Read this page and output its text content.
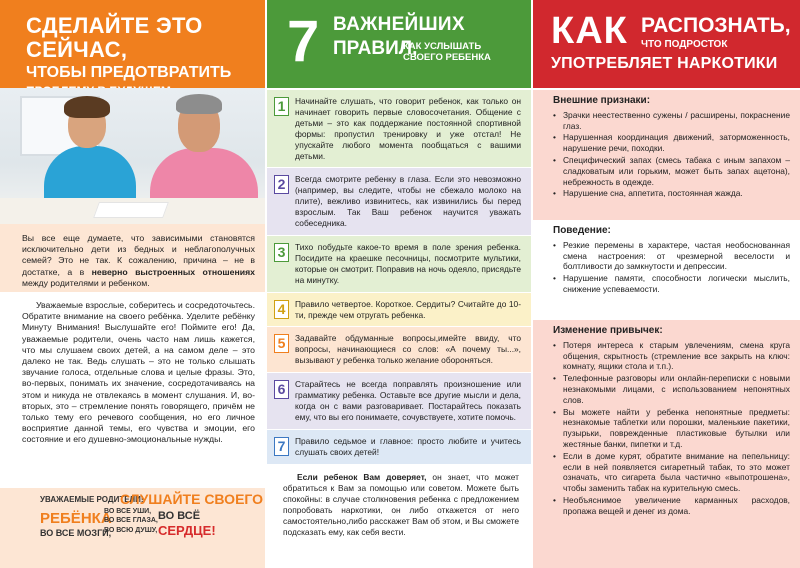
СДЕЛАЙТЕ ЭТО СЕЙЧАС,
ЧТОБЫ ПРЕДОТВРАТИТЬ
Вы все еще думаете, что зависимыми становятся исключительно дети из бедных и неблагополучных семей? Это не так. К сожалению, причина – не в достатке, а в неверно выстроенных отношениях между родителями и ребенком.

Уважаемые взрослые, соберитесь и сосредоточьтесь. Обратите внимание на своего ребёнка. Уделите ребёнку Минуту Внимания! Выслушайте его! Поймите его! Да, уважаемые родители, очень часто нам лишь кажется, что мы слушаем своих детей, а на самом деле – это далеко не так. Ведь слушать – это не только слышать звучание голоса, отдельные слова и целые фразы. Это, во-первых, понимать их значение, сосредотачиваясь на этом и никуда не отвлекаясь в момент слушания. И, во-вторых, это – стремление понять говорящего, причём не только тему его речевого сообщения, но его личное восприятие данной темы, его чувства и эмоции, его состояние и его душевно-эмоциональные нужды.

УВАЖАЕМЫЕ РОДИТЕЛИ!
СЛУШАЙТЕ СВОЕГО
РЕБЁНКА
ВО ВСЕ УШИ,
ВО ВСЕ ГЛАЗА, ВО ВСЁ
ВО ВСЕ МОЗГИ,
ВО ВСЮ ДУШУ, СЕРДЦЕ!
7 ВАЖНЕЙШИХ
ПРАВИЛ,
КАК УСЛЫШАТЬ
СВОЕГО РЕБЕНКА
1	Начинайте слушать, что говорит ребенок, как только он начинает говорить первые словосочетания. Общение с детьми – это как поддержание постоянной спортивной формы: пропустил тренировку и уже отстал! Не упускайте любого момента пообщаться с вашими детьми.
2	Всегда смотрите ребенку в глаза. Если это невозможно (например, вы следите, чтобы не сбежало молоко на плите), вежливо извинитесь, как извинились бы перед взрослым. Так Ваш ребенок научится уважать собеседника.
3	Тихо побудьте какое-то время в поле зрения ребенка. Посидите на краешке песочницы, посмотрите мультики, которые он смотрит. Поправив на ночь одеяло, присядьте на минутку.
4	Правило четвертое. Короткое. Сердиты? Считайте до 10-ти, прежде чем отругать ребенка.
5	Задавайте обдуманные вопросы,имейте ввиду, что вопросы, начинающиеся со слов: «А почему ты...», вызывают у ребенка только желание обороняться.
6	Старайтесь не всегда поправлять произношение или грамматику ребенка. Оставьте все другие мысли и дела, когда он с вами разговаривает. Постарайтесь показать ему, что вы его понимаете, сочувствуете, хотите помочь.
7	Правило седьмое и главное: просто любите и учитесь слушать своих детей!
Если ребенок Вам доверяет, он знает, что может обратиться к Вам за помощью или советом. Можете быть спокойны: в случае столкновения ребенка с предложением попробовать наркотики, он либо откажется от него самостоятельно,либо расскажет Вам об этом, и Вы сможете подсказать ему, как себя вести.
КАК РАСПОЗНАТЬ,
ЧТО ПОДРОСТОК
УПОТРЕБЛЯЕТ НАРКОТИКИ
Внешние признаки:
• Зрачки неестественно сужены / расширены, покраснение глаз.
• Нарушенная координация движений, заторможенность, нарушение речи, походки.
• Специфический запах (смесь табака с иным запахом – сладковатым или горьким, может быть запах ацетона), небрежность в одежде.
• Нарушение сна, аппетита, постоянная жажда.
Поведение:
• Резкие перемены в характере, частая необоснованная смена настроения: от чрезмерной веселости и болтливости до замкнутости и депрессии.
• Нарушение памяти, способности логически мыслить, снижение успеваемости.
Изменение привычек:
• Потеря интереса к старым увлечениям, смена круга общения, скрытность (стремление все закрыть на ключ: комнату, ящики стола и т.п.).
• Телефонные разговоры или онлайн-переписки с новыми незнакомыми лицами, с использованием непонятных слов.
• Вы можете найти у ребенка непонятные предметы: незнакомые таблетки или порошки, маленькие пакетики, пузырьки, поврежденные пластиковые бутылки или жестяные банки, пипетки и т.д.
• Если в доме курят, обратите внимание на пепельницу: если в ней появляется сигаретный табак, то это может означать, что сигарета была частично «выпотрошена», чтобы заменить табак на курительную смесь.
• Необъяснимое увеличение карманных расходов, пропажа вещей и денег из дома.
